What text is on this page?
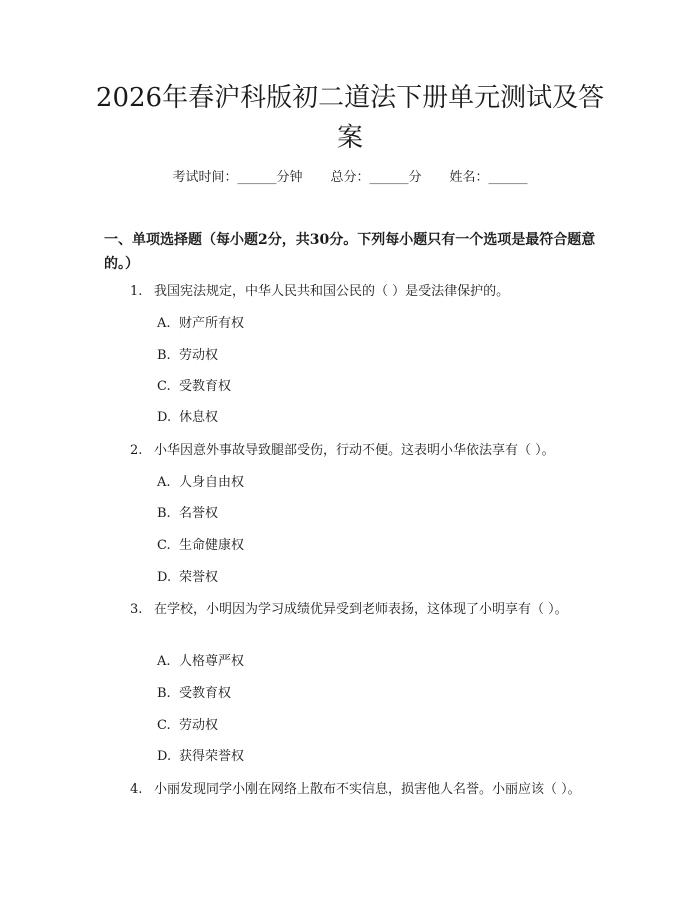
2026年春沪科版初二道法下册单元测试及答案
考试时间：______分钟 总分：______分 姓名：______
一、单项选择题（每小题2分，共30分。下列每小题只有一个选项是最符合题意的。）
1. 我国宪法规定，中华人民共和国公民的（ ）是受法律保护的。
A. 财产所有权
B. 劳动权
C. 受教育权
D. 休息权
2. 小华因意外事故导致腿部受伤，行动不便。这表明小华依法享有（ ）。
A. 人身自由权
B. 名誉权
C. 生命健康权
D. 荣誉权
3. 在学校，小明因为学习成绩优异受到老师表扬，这体现了小明享有（ ）。
A. 人格尊严权
B. 受教育权
C. 劳动权
D. 获得荣誉权
4. 小丽发现同学小刚在网络上散布不实信息，损害他人名誉。小丽应该（ ）。
